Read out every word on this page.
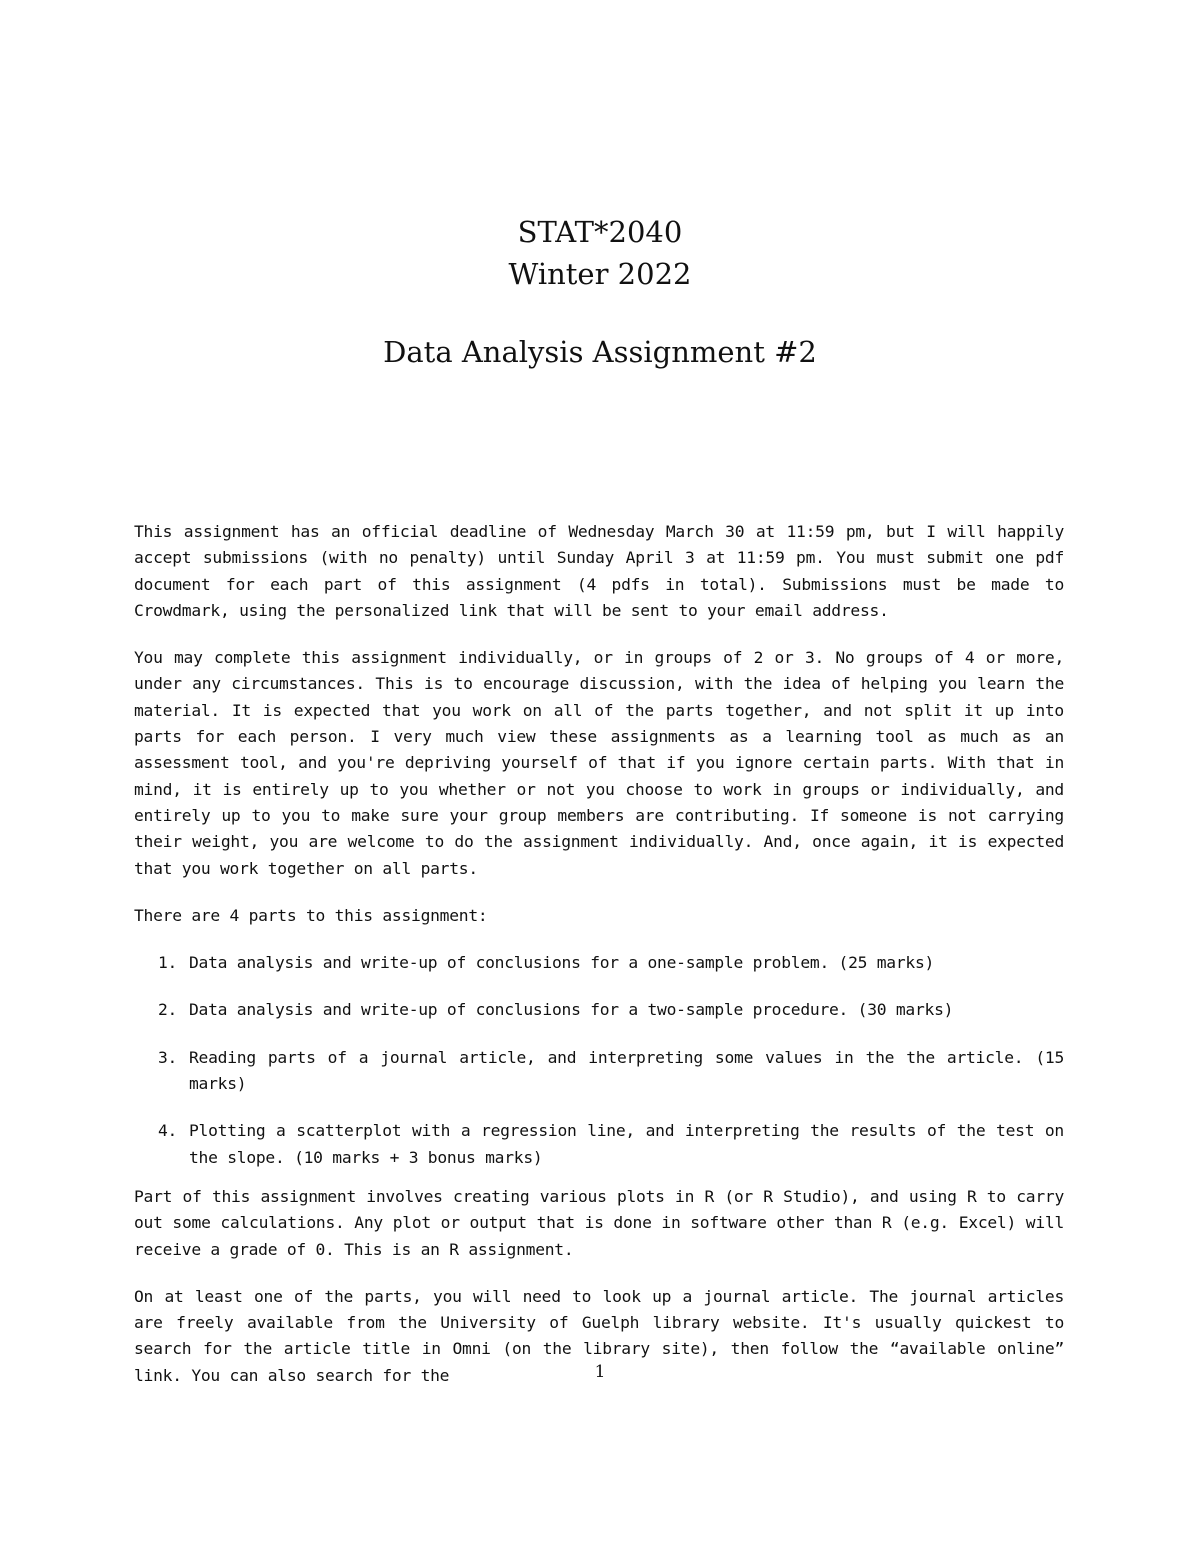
STAT*2040
Winter 2022
Data Analysis Assignment #2

This assignment has an official deadline of Wednesday March 30 at 11:59 pm, but I will happily accept submissions (with no penalty) until Sunday April 3 at 11:59 pm. You must submit one pdf document for each part of this assignment (4 pdfs in total). Submissions must be made to Crowdmark, using the personalized link that will be sent to your email address.

You may complete this assignment individually, or in groups of 2 or 3. No groups of 4 or more, under any circumstances. This is to encourage discussion, with the idea of helping you learn the material. It is expected that you work on all of the parts together, and not split it up into parts for each person. I very much view these assignments as a learning tool as much as an assessment tool, and you're depriving yourself of that if you ignore certain parts. With that in mind, it is entirely up to you whether or not you choose to work in groups or individually, and entirely up to you to make sure your group members are contributing. If someone is not carrying their weight, you are welcome to do the assignment individually. And, once again, it is expected that you work together on all parts.

There are 4 parts to this assignment:

1. Data analysis and write-up of conclusions for a one-sample problem. (25 marks)
2. Data analysis and write-up of conclusions for a two-sample procedure. (30 marks)
3. Reading parts of a journal article, and interpreting some values in the the article. (15 marks)
4. Plotting a scatterplot with a regression line, and interpreting the results of the test on the slope. (10 marks + 3 bonus marks)

Part of this assignment involves creating various plots in R (or R Studio), and using R to carry out some calculations. Any plot or output that is done in software other than R (e.g. Excel) will receive a grade of 0. This is an R assignment.

On at least one of the parts, you will need to look up a journal article. The journal articles are freely available from the University of Guelph library website. It's usually quickest to search for the article title in Omni (on the library site), then follow the “available online” link. You can also search for the	1
